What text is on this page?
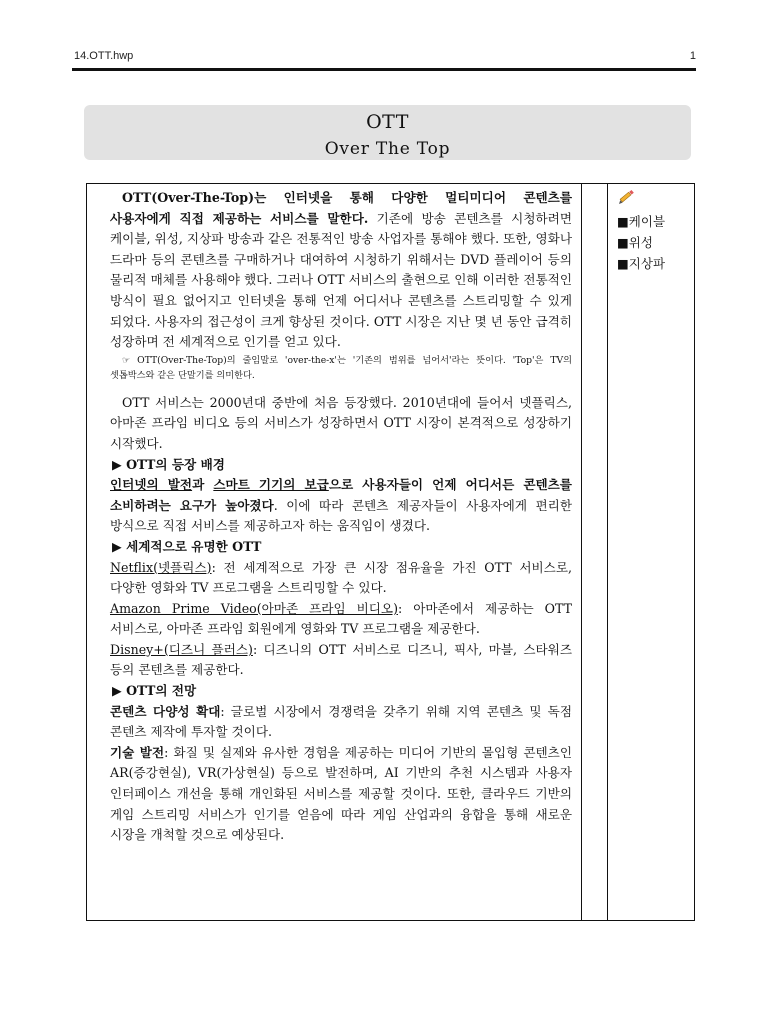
14.OTT.hwp	1
OTT
Over The Top

OTT(Over-The-Top)는 인터넷을 통해 다양한 멀티미디어 콘텐츠를 사용자에게 직접 제공하는 서비스를 말한다. 기존에 방송 콘텐츠를 시청하려면 케이블, 위성, 지상파 방송과 같은 전통적인 방송 사업자를 통해야 했다. 또한, 영화나 드라마 등의 콘텐츠를 구매하거나 대여하여 시청하기 위해서는 DVD 플레이어 등의 물리적 매체를 사용해야 했다. 그러나 OTT 서비스의 출현으로 인해 이러한 전통적인 방식이 필요 없어지고 인터넷을 통해 언제 어디서나 콘텐츠를 스트리밍할 수 있게 되었다. 사용자의 접근성이 크게 향상된 것이다. OTT 시장은 지난 몇 년 동안 급격히 성장하며 전 세계적으로 인기를 얻고 있다.

☞ OTT(Over-The-Top)의 줄임말로 'over-the-x'는 '기존의 범위를 넘어서'라는 뜻이다. 'Top'은 TV의 셋톱박스와 같은 단말기를 의미한다.

OTT 서비스는 2000년대 중반에 처음 등장했다. 2010년대에 들어서 넷플릭스, 아마존 프라임 비디오 등의 서비스가 성장하면서 OTT 시장이 본격적으로 성장하기 시작했다.

▶ OTT의 등장 배경

인터넷의 발전과 스마트 기기의 보급으로 사용자들이 언제 어디서든 콘텐츠를 소비하려는 요구가 높아졌다. 이에 따라 콘텐츠 제공자들이 사용자에게 편리한 방식으로 직접 서비스를 제공하고자 하는 움직임이 생겼다.

▶ 세계적으로 유명한 OTT

Netflix(넷플릭스): 전 세계적으로 가장 큰 시장 점유율을 가진 OTT 서비스로, 다양한 영화와 TV 프로그램을 스트리밍할 수 있다.

Amazon Prime Video(아마존 프라임 비디오): 아마존에서 제공하는 OTT 서비스로, 아마존 프라임 회원에게 영화와 TV 프로그램을 제공한다.

Disney+(디즈니 플러스): 디즈니의 OTT 서비스로 디즈니, 픽사, 마블, 스타워즈 등의 콘텐츠를 제공한다.

▶ OTT의 전망

콘텐츠 다양성 확대: 글로벌 시장에서 경쟁력을 갖추기 위해 지역 콘텐츠 및 독점 콘텐츠 제작에 투자할 것이다.

기술 발전: 화질 및 실제와 유사한 경험을 제공하는 미디어 기반의 몰입형 콘텐츠인 AR(증강현실), VR(가상현실) 등으로 발전하며, AI 기반의 추천 시스템과 사용자 인터페이스 개선을 통해 개인화된 서비스를 제공할 것이다. 또한, 클라우드 기반의 게임 스트리밍 서비스가 인기를 얻음에 따라 게임 산업과의 융합을 통해 새로운 시장을 개척할 것으로 예상된다.

■케이블
■위성
■지상파
